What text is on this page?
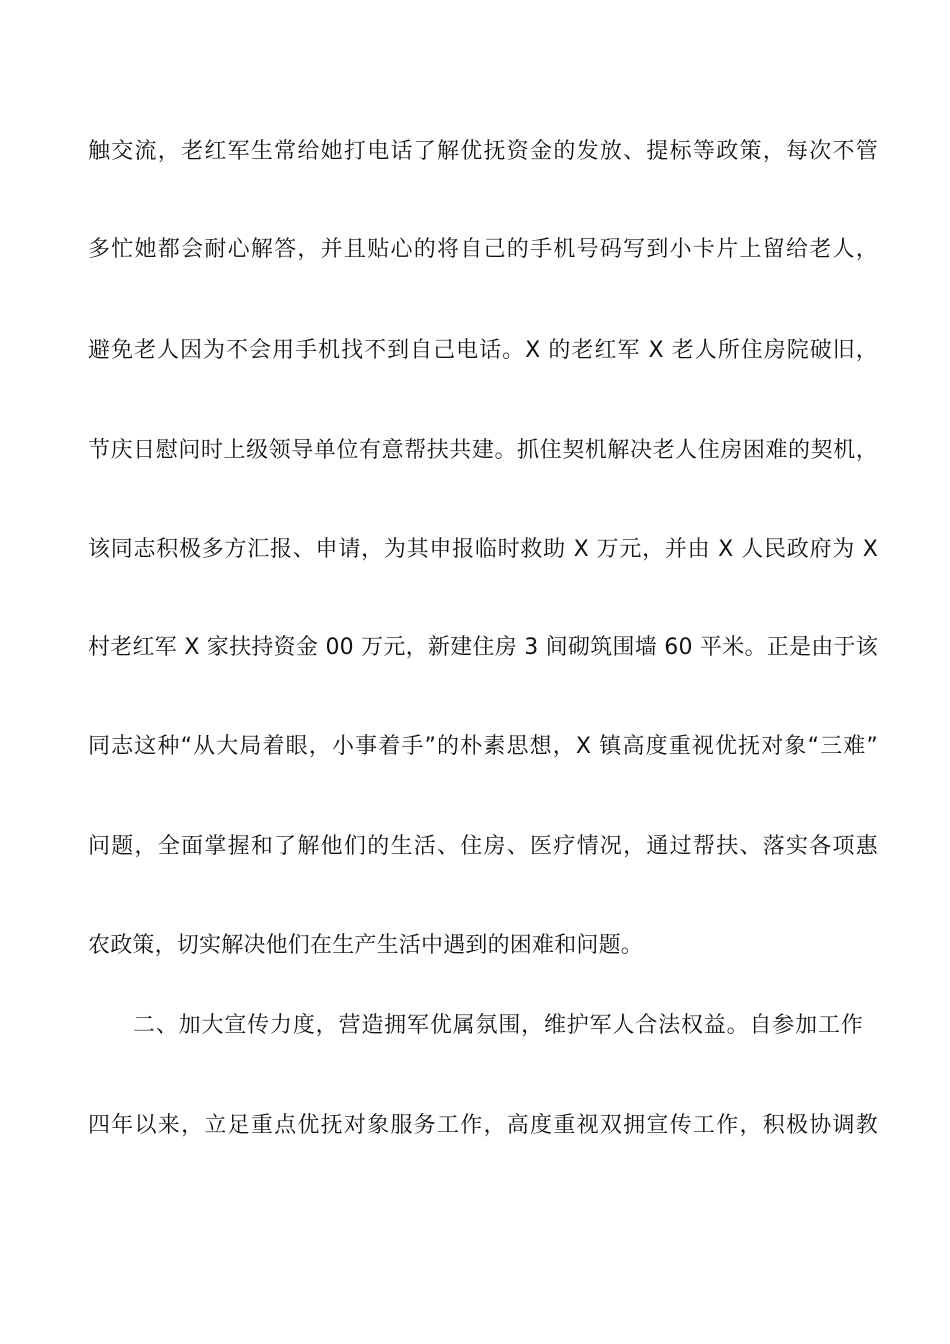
触交流，老红军生常给她打电话了解优抚资金的发放、提标等政策，每次不管
多忙她都会耐心解答，并且贴心的将自己的手机号码写到小卡片上留给老人，
避免老人因为不会用手机找不到自己电话。X 的老红军 X 老人所住房院破旧，
节庆日慰问时上级领导单位有意帮扶共建。抓住契机解决老人住房困难的契机，
该同志积极多方汇报、申请，为其申报临时救助 X 万元，并由 X 人民政府为 X
村老红军 X 家扶持资金 00 万元，新建住房 3 间砌筑围墙 60 平米。正是由于该
同志这种“从大局着眼，小事着手”的朴素思想，X 镇高度重视优抚对象“三难”
问题，全面掌握和了解他们的生活、住房、医疗情况，通过帮扶、落实各项惠
农政策，切实解决他们在生产生活中遇到的困难和问题。
二、加大宣传力度，营造拥军优属氛围，维护军人合法权益。自参加工作
四年以来，立足重点优抚对象服务工作，高度重视双拥宣传工作，积极协调教
